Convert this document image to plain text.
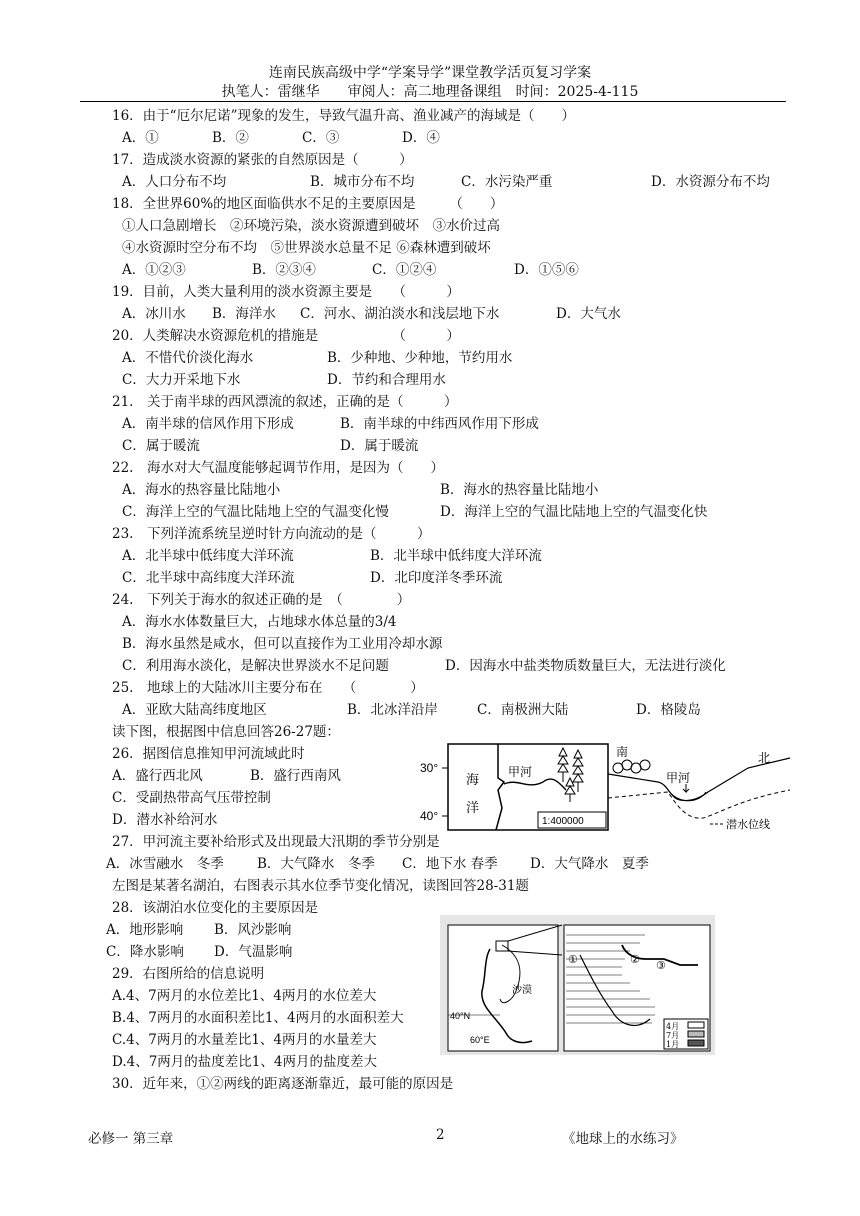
连南民族高级中学“学案导学”课堂教学活页复习学案
执笔人：雷继华　　审阅人：高二地理备课组　时间：2025-4-115
16．由于“厄尔尼诺”现象的发生，导致气温升高、渔业减产的海域是（　　）
A．①	B．②	C．③	D．④
17．造成淡水资源的紧张的自然原因是（　　　）
A．人口分布不均	B．城市分布不均	C．水污染严重	D．水资源分布不均
18．全世界60%的地区面临供水不足的主要原因是　　　（　　）
①人口急剧增长　②环境污染，淡水资源遭到破坏　③水价过高
④水资源时空分布不均　⑤世界淡水总量不足 ⑥森林遭到破坏
A．①②③	B．②③④	C．①②④	D．①⑤⑥
19．目前，人类大量利用的淡水资源主要是　　（　　　）
A．冰川水 B．海洋水 C．河水、湖泊淡水和浅层地下水	D．大气水
20．人类解决水资源危机的措施是　　　　　　（　　　）
A．不惜代价淡化海水	B．少种地、少种地，节约用水
C．大力开采地下水	D．节约和合理用水
21.　关于南半球的西风漂流的叙述，正确的是（　　　）
A．南半球的信风作用下形成	B．南半球的中纬西风作用下形成
C．属于暖流	D．属于暖流
22.　海水对大气温度能够起调节作用，是因为（　　）
A．海水的热容量比陆地小	B．海水的热容量比陆地小
C．海洋上空的气温比陆地上空的气温变化慢	D．海洋上空的气温比陆地上空的气温变化快
23.　下列洋流系统呈逆时针方向流动的是（　　　）
A．北半球中低纬度大洋环流	B．北半球中低纬度大洋环流
C．北半球中高纬度大洋环流	D．北印度洋冬季环流
24.　下列关于海水的叙述正确的是　（　　　　）
A．海水水体数量巨大，占地球水体总量的3/4
B．海水虽然是咸水，但可以直接作为工业用冷却水源
C．利用海水淡化，是解决世界淡水不足问题	D．因海水中盐类物质数量巨大，无法进行淡化
25.　地球上的大陆冰川主要分布在　　（　　　　）
A．亚欧大陆高纬度地区	B．北冰洋沿岸	C．南极洲大陆	D．格陵岛
读下图，根据图中信息回答26-27题：
26．据图信息推知甲河流域此时
A．盛行西北风	B．盛行西南风
C．受副热带高气压带控制
D．潜水补给河水
27．甲河流主要补给形式及出现最大汛期的季节分别是
A．冰雪融水　冬季 B．大气降水　冬季 C．地下水 春季 D．大气降水　夏季
左图是某著名湖泊，右图表示其水位季节变化情况，读图回答28-31题
28．该湖泊水位变化的主要原因是
A．地形影响 B．风沙影响
C．降水影响 D．气温影响
29．右图所给的信息说明
A.4、7两月的水位差比1、4两月的水位差大
B.4、7两月的水面积差比1、4两月的水面积差大
C.4、7两月的水量差比1、4两月的水量差大
D.4、7两月的盐度差比1、4两月的盐度差大
30．近年来，①②两线的距离逐渐靠近，最可能的原因是
30°
40°
海
洋
甲河
1:400000
南	北
甲河
潜水位线
沙漠
40°N
60°E
①	② ③
4月
7月
1月
必修一 第三章	2	《地球上的水练习》
